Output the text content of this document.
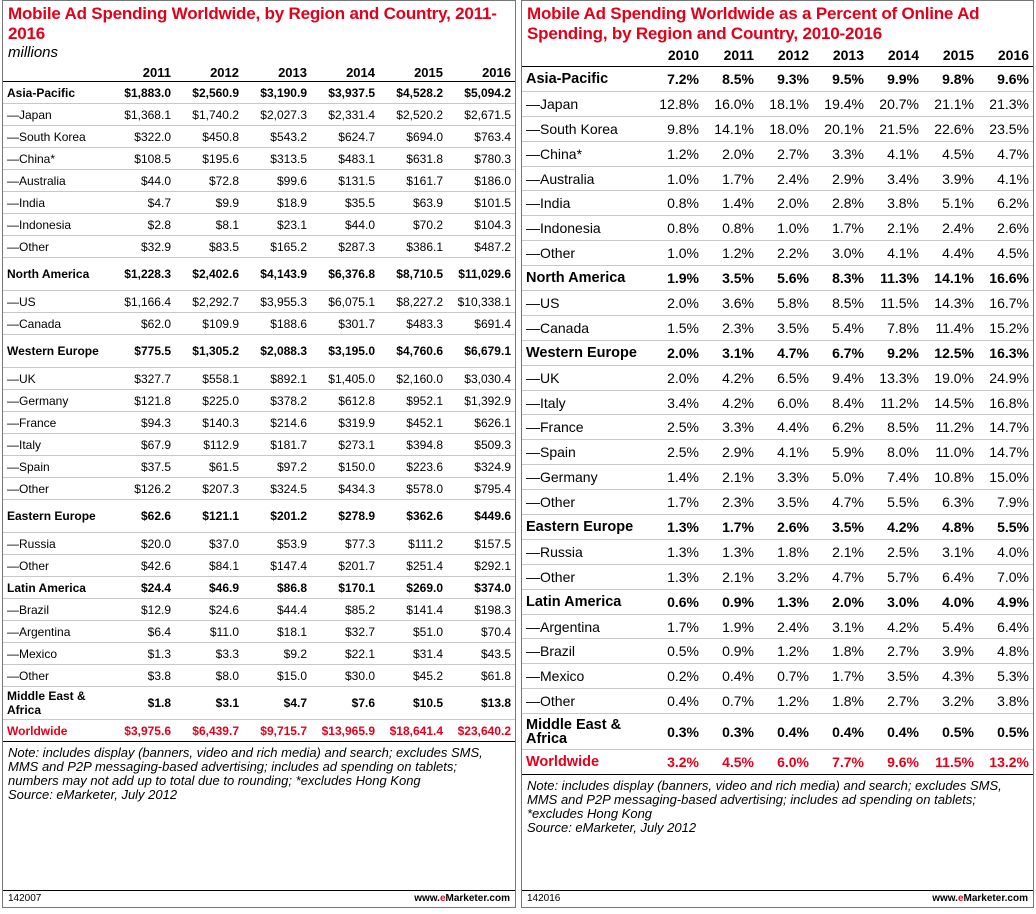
Mobile Ad Spending Worldwide, by Region and Country, 2011-2016
millions
	2011	2012	2013	2014	2015	2016
Asia-Pacific	$1,883.0	$2,560.9	$3,190.9	$3,937.5	$4,528.2	$5,094.2
—Japan	$1,368.1	$1,740.2	$2,027.3	$2,331.4	$2,520.2	$2,671.5
—South Korea	$322.0	$450.8	$543.2	$624.7	$694.0	$763.4
—China*	$108.5	$195.6	$313.5	$483.1	$631.8	$780.3
—Australia	$44.0	$72.8	$99.6	$131.5	$161.7	$186.0
—India	$4.7	$9.9	$18.9	$35.5	$63.9	$101.5
—Indonesia	$2.8	$8.1	$23.1	$44.0	$70.2	$104.3
—Other	$32.9	$83.5	$165.2	$287.3	$386.1	$487.2
North America	$1,228.3	$2,402.6	$4,143.9	$6,376.8	$8,710.5	$11,029.6
—US	$1,166.4	$2,292.7	$3,955.3	$6,075.1	$8,227.2	$10,338.1
—Canada	$62.0	$109.9	$188.6	$301.7	$483.3	$691.4
Western Europe	$775.5	$1,305.2	$2,088.3	$3,195.0	$4,760.6	$6,679.1
—UK	$327.7	$558.1	$892.1	$1,405.0	$2,160.0	$3,030.4
—Germany	$121.8	$225.0	$378.2	$612.8	$952.1	$1,392.9
—France	$94.3	$140.3	$214.6	$319.9	$452.1	$626.1
—Italy	$67.9	$112.9	$181.7	$273.1	$394.8	$509.3
—Spain	$37.5	$61.5	$97.2	$150.0	$223.6	$324.9
—Other	$126.2	$207.3	$324.5	$434.3	$578.0	$795.4
Eastern Europe	$62.6	$121.1	$201.2	$278.9	$362.6	$449.6
—Russia	$20.0	$37.0	$53.9	$77.3	$111.2	$157.5
—Other	$42.6	$84.1	$147.4	$201.7	$251.4	$292.1
Latin America	$24.4	$46.9	$86.8	$170.1	$269.0	$374.0
—Brazil	$12.9	$24.6	$44.4	$85.2	$141.4	$198.3
—Argentina	$6.4	$11.0	$18.1	$32.7	$51.0	$70.4
—Mexico	$1.3	$3.3	$9.2	$22.1	$31.4	$43.5
—Other	$3.8	$8.0	$15.0	$30.0	$45.2	$61.8
Middle East & Africa	$1.8	$3.1	$4.7	$7.6	$10.5	$13.8
Worldwide	$3,975.6	$6,439.7	$9,715.7	$13,965.9	$18,641.4	$23,640.2
Note: includes display (banners, video and rich media) and search; excludes SMS, MMS and P2P messaging-based advertising; includes ad spending on tablets; numbers may not add up to total due to rounding; *excludes Hong Kong
Source: eMarketer, July 2012
142007	www.eMarketer.com
Mobile Ad Spending Worldwide as a Percent of Online Ad Spending, by Region and Country, 2010-2016
	2010	2011	2012	2013	2014	2015	2016
Asia-Pacific	7.2%	8.5%	9.3%	9.5%	9.9%	9.8%	9.6%
—Japan	12.8%	16.0%	18.1%	19.4%	20.7%	21.1%	21.3%
—South Korea	9.8%	14.1%	18.0%	20.1%	21.5%	22.6%	23.5%
—China*	1.2%	2.0%	2.7%	3.3%	4.1%	4.5%	4.7%
—Australia	1.0%	1.7%	2.4%	2.9%	3.4%	3.9%	4.1%
—India	0.8%	1.4%	2.0%	2.8%	3.8%	5.1%	6.2%
—Indonesia	0.8%	0.8%	1.0%	1.7%	2.1%	2.4%	2.6%
—Other	1.0%	1.2%	2.2%	3.0%	4.1%	4.4%	4.5%
North America	1.9%	3.5%	5.6%	8.3%	11.3%	14.1%	16.6%
—US	2.0%	3.6%	5.8%	8.5%	11.5%	14.3%	16.7%
—Canada	1.5%	2.3%	3.5%	5.4%	7.8%	11.4%	15.2%
Western Europe	2.0%	3.1%	4.7%	6.7%	9.2%	12.5%	16.3%
—UK	2.0%	4.2%	6.5%	9.4%	13.3%	19.0%	24.9%
—Italy	3.4%	4.2%	6.0%	8.4%	11.2%	14.5%	16.8%
—France	2.5%	3.3%	4.4%	6.2%	8.5%	11.2%	14.7%
—Spain	2.5%	2.9%	4.1%	5.9%	8.0%	11.0%	14.7%
—Germany	1.4%	2.1%	3.3%	5.0%	7.4%	10.8%	15.0%
—Other	1.7%	2.3%	3.5%	4.7%	5.5%	6.3%	7.9%
Eastern Europe	1.3%	1.7%	2.6%	3.5%	4.2%	4.8%	5.5%
—Russia	1.3%	1.3%	1.8%	2.1%	2.5%	3.1%	4.0%
—Other	1.3%	2.1%	3.2%	4.7%	5.7%	6.4%	7.0%
Latin America	0.6%	0.9%	1.3%	2.0%	3.0%	4.0%	4.9%
—Argentina	1.7%	1.9%	2.4%	3.1%	4.2%	5.4%	6.4%
—Brazil	0.5%	0.9%	1.2%	1.8%	2.7%	3.9%	4.8%
—Mexico	0.2%	0.4%	0.7%	1.7%	3.5%	4.3%	5.3%
—Other	0.4%	0.7%	1.2%	1.8%	2.7%	3.2%	3.8%
Middle East & Africa	0.3%	0.3%	0.4%	0.4%	0.4%	0.5%	0.5%
Worldwide	3.2%	4.5%	6.0%	7.7%	9.6%	11.5%	13.2%
Note: includes display (banners, video and rich media) and search; excludes SMS, MMS and P2P messaging-based advertising; includes ad spending on tablets; *excludes Hong Kong
Source: eMarketer, July 2012
142016	www.eMarketer.com
